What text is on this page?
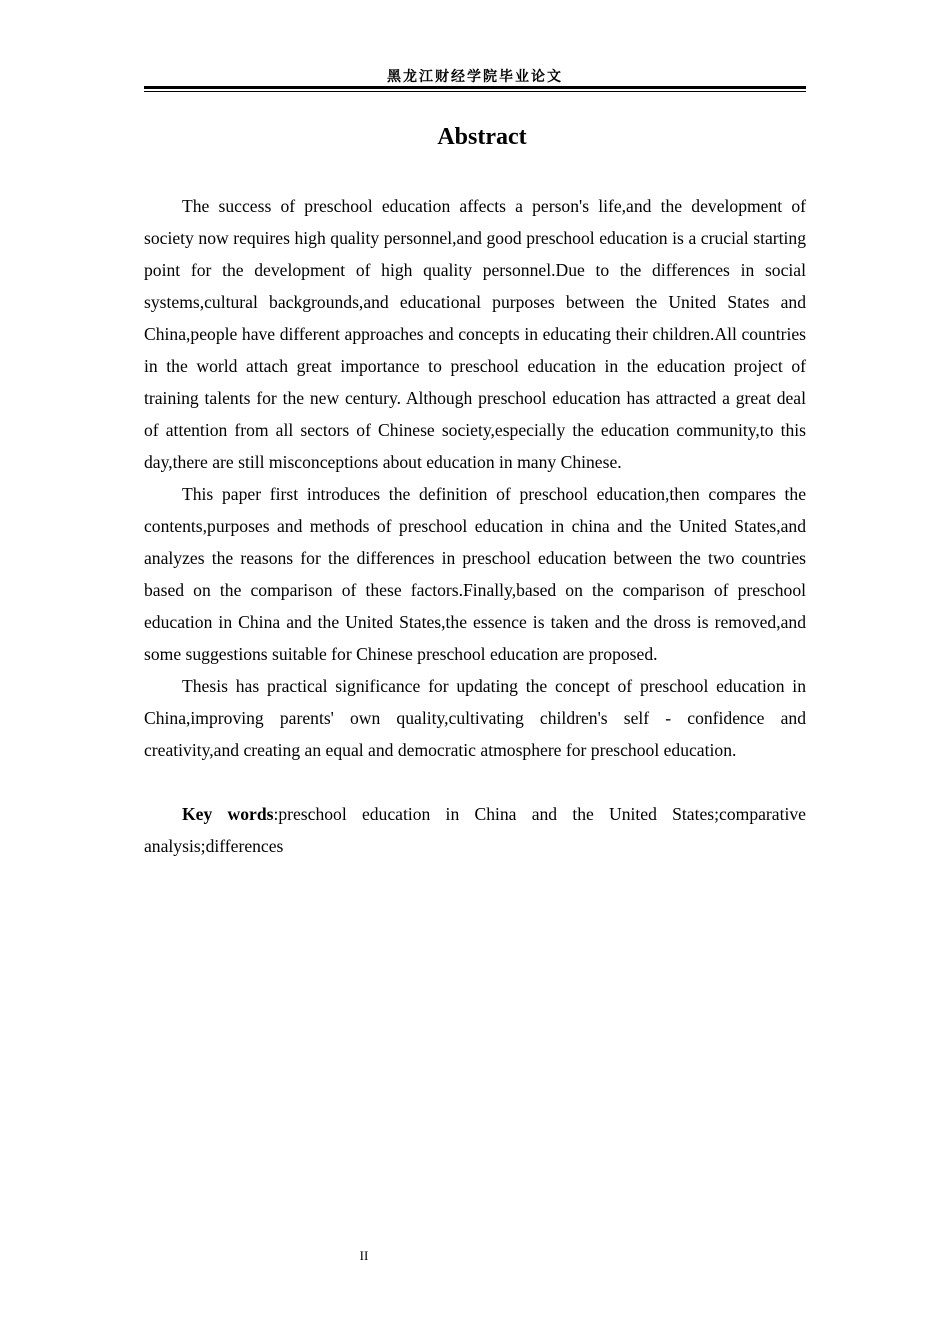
黑龙江财经学院毕业论文
Abstract

The success of preschool education affects a person's life,and the development of society now requires high quality personnel,and good preschool education is a crucial starting point for the development of high quality personnel.Due to the differences in social systems,cultural backgrounds,and educational purposes between the United States and China,people have different approaches and concepts in educating their children.All countries in the world attach great importance to preschool education in the education project of training talents for the new century. Although preschool education has attracted a great deal of attention from all sectors of Chinese society,especially the education community,to this day,there are still misconceptions about education in many Chinese.

This paper first introduces the definition of preschool education,then compares the contents,purposes and methods of preschool education in china and the United States,and analyzes the reasons for the differences in preschool education between the two countries based on the comparison of these factors.Finally,based on the comparison of preschool education in China and the United States,the essence is taken and the dross is removed,and some suggestions suitable for Chinese preschool education are proposed.

Thesis has practical significance for updating the concept of preschool education in China,improving parents' own quality,cultivating children's self - confidence and creativity,and creating an equal and democratic atmosphere for preschool education.

Key words:preschool education in China and the United States;comparative analysis;differences

II
